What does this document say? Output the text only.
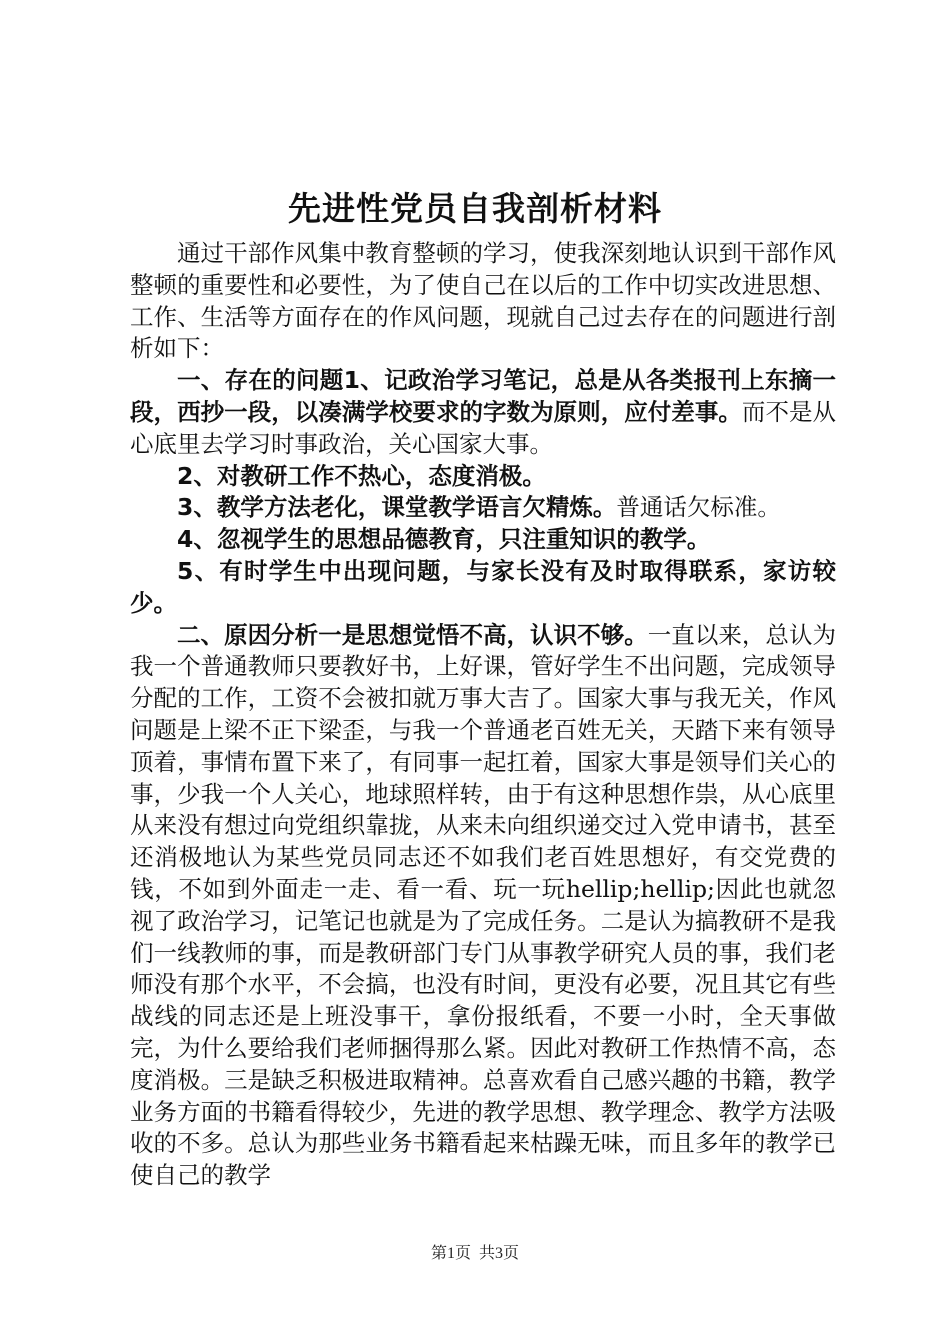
先进性党员自我剖析材料

通过干部作风集中教育整顿的学习，使我深刻地认识到干部作风整顿的重要性和必要性，为了使自己在以后的工作中切实改进思想、工作、生活等方面存在的作风问题，现就自己过去存在的问题进行剖析如下：

一、存在的问题1、记政治学习笔记，总是从各类报刊上东摘一段，西抄一段，以凑满学校要求的字数为原则，应付差事。而不是从心底里去学习时事政治，关心国家大事。

2、对教研工作不热心，态度消极。

3、教学方法老化，课堂教学语言欠精炼。普通话欠标准。

4、忽视学生的思想品德教育，只注重知识的教学。

5、有时学生中出现问题，与家长没有及时取得联系，家访较少。

二、原因分析一是思想觉悟不高，认识不够。一直以来，总认为我一个普通教师只要教好书，上好课，管好学生不出问题，完成领导分配的工作，工资不会被扣就万事大吉了。国家大事与我无关，作风问题是上梁不正下梁歪，与我一个普通老百姓无关，天踏下来有领导顶着，事情布置下来了，有同事一起扛着，国家大事是领导们关心的事，少我一个人关心，地球照样转，由于有这种思想作祟，从心底里从来没有想过向党组织靠拢，从来未向组织递交过入党申请书，甚至还消极地认为某些党员同志还不如我们老百姓思想好，有交党费的钱，不如到外面走一走、看一看、玩一玩hellip;hellip;因此也就忽视了政治学习，记笔记也就是为了完成任务。二是认为搞教研不是我们一线教师的事，而是教研部门专门从事教学研究人员的事，我们老师没有那个水平，不会搞，也没有时间，更没有必要，况且其它有些战线的同志还是上班没事干，拿份报纸看，不要一小时，全天事做完，为什么要给我们老师捆得那么紧。因此对教研工作热情不高，态度消极。三是缺乏积极进取精神。总喜欢看自己感兴趣的书籍，教学业务方面的书籍看得较少，先进的教学思想、教学理念、教学方法吸收的不多。总认为那些业务书籍看起来枯躁无味，而且多年的教学已使自己的教学

第1页 共3页
